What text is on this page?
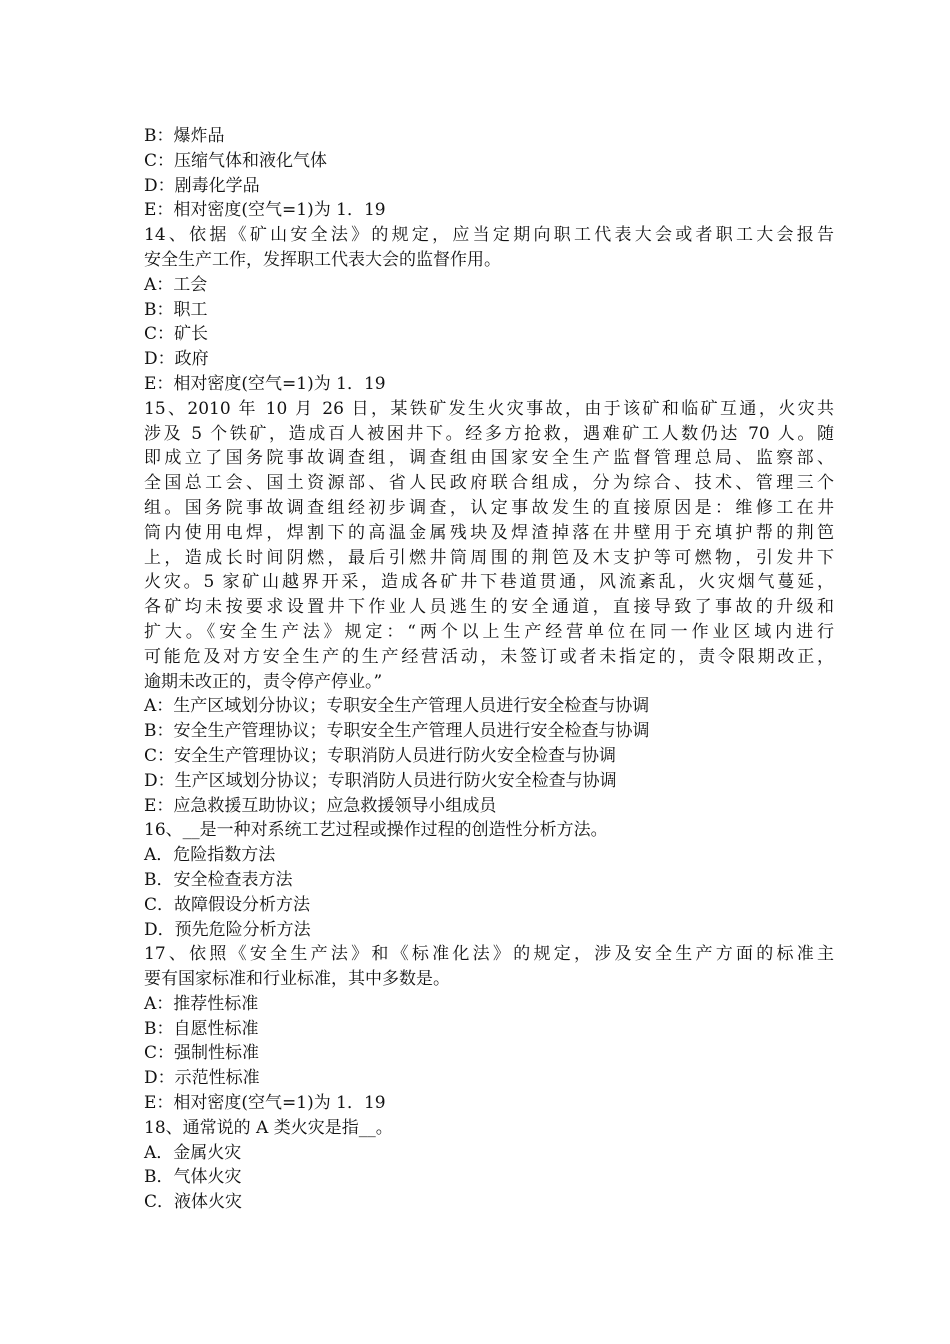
B：爆炸品
C：压缩气体和液化气体
D：剧毒化学品
E：相对密度(空气=1)为 1．19
14、依据《矿山安全法》的规定，应当定期向职工代表大会或者职工大会报告
安全生产工作，发挥职工代表大会的监督作用。
A：工会
B：职工
C：矿长
D：政府
E：相对密度(空气=1)为 1．19
15、2010 年 10 月 26 日，某铁矿发生火灾事故，由于该矿和临矿互通，火灾共
涉及 5 个铁矿，造成百人被困井下。经多方抢救，遇难矿工人数仍达 70 人。随
即成立了国务院事故调查组，调查组由国家安全生产监督管理总局、监察部、
全国总工会、国土资源部、省人民政府联合组成，分为综合、技术、管理三个
组。国务院事故调查组经初步调查，认定事故发生的直接原因是：维修工在井
筒内使用电焊，焊割下的高温金属残块及焊渣掉落在井壁用于充填护帮的荆笆
上，造成长时间阴燃，最后引燃井筒周围的荆笆及木支护等可燃物，引发井下
火灾。5 家矿山越界开采，造成各矿井下巷道贯通，风流紊乱，火灾烟气蔓延，
各矿均未按要求设置井下作业人员逃生的安全通道，直接导致了事故的升级和
扩大。《安全生产法》规定：“两个以上生产经营单位在同一作业区域内进行
可能危及对方安全生产的生产经营活动，未签订或者未指定的，责令限期改正，
逾期未改正的，责令停产停业。”
A：生产区域划分协议；专职安全生产管理人员进行安全检查与协调
B：安全生产管理协议；专职安全生产管理人员进行安全检查与协调
C：安全生产管理协议；专职消防人员进行防火安全检查与协调
D：生产区域划分协议；专职消防人员进行防火安全检查与协调
E：应急救援互助协议；应急救援领导小组成员
16、__是一种对系统工艺过程或操作过程的创造性分析方法。
A．危险指数方法
B．安全检查表方法
C．故障假设分析方法
D．预先危险分析方法
17、依照《安全生产法》和《标准化法》的规定，涉及安全生产方面的标准主
要有国家标准和行业标准，其中多数是。
A：推荐性标准
B：自愿性标准
C：强制性标准
D：示范性标准
E：相对密度(空气=1)为 1．19
18、通常说的 A 类火灾是指__。
A．金属火灾
B．气体火灾
C．液体火灾
